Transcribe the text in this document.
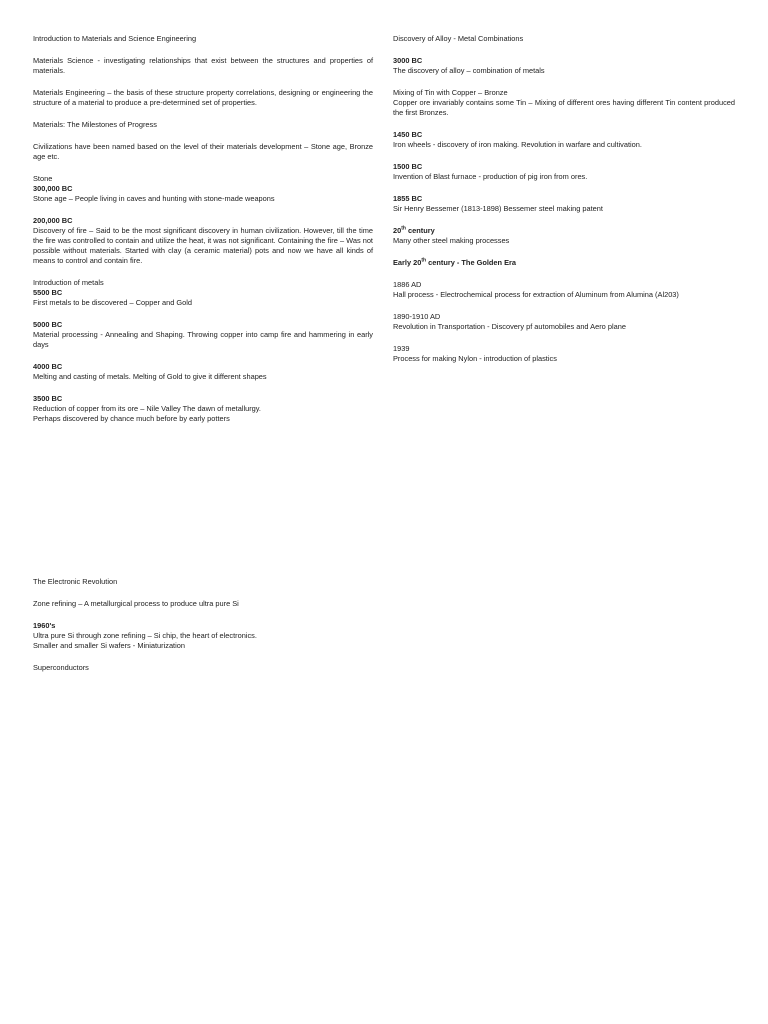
Introduction to Materials and Science Engineering

Materials Science - investigating relationships that exist between the structures and properties of materials.

Materials Engineering – the basis of these structure property correlations, designing or engineering the structure of a material to produce a pre-determined set of properties.

Materials: The Milestones of Progress

Civilizations have been named based on the level of their materials development – Stone age, Bronze age etc.

Stone

300,000 BC

Stone age – People living in caves and hunting with stone-made weapons

200,000 BC

Discovery of fire – Said to be the most significant discovery in human civilization. However, till the time the fire was controlled to contain and utilize the heat, it was not significant. Containing the fire – Was not possible without materials. Started with clay (a ceramic material) pots and now we have all kinds of means to control and contain fire.

Introduction of metals

5500 BC

First metals to be discovered – Copper and Gold

5000 BC

Material processing - Annealing and Shaping. Throwing copper into camp fire and hammering in early days

4000 BC

Melting and casting of metals. Melting of Gold to give it different shapes

3500 BC

Reduction of copper from its ore – Nile Valley The dawn of metallurgy.

Perhaps discovered by chance much before by early potters

Discovery of Alloy - Metal Combinations

3000 BC

The discovery of alloy – combination of metals

Mixing of Tin with Copper – Bronze

Copper ore invariably contains some Tin – Mixing of different ores having different Tin content produced the first Bronzes.

1450 BC

Iron wheels - discovery of iron making. Revolution in warfare and cultivation.

1500 BC

Invention of Blast furnace - production of pig iron from ores.

1855 BC

Sir Henry Bessemer (1813-1898) Bessemer steel making patent

20th century

Many other steel making processes

Early 20th century - The Golden Era

1886 AD

Hall process - Electrochemical process for extraction of Aluminum from Alumina (Al203)

1890-1910 AD

Revolution in Transportation - Discovery pf automobiles and Aero plane

1939

Process for making Nylon - introduction of plastics

The Electronic Revolution

Zone refining – A metallurgical process to produce ultra pure Si

1960's

Ultra pure Si through zone refining – Si chip, the heart of electronics.

Smaller and smaller Si wafers - Miniaturization

Superconductors
